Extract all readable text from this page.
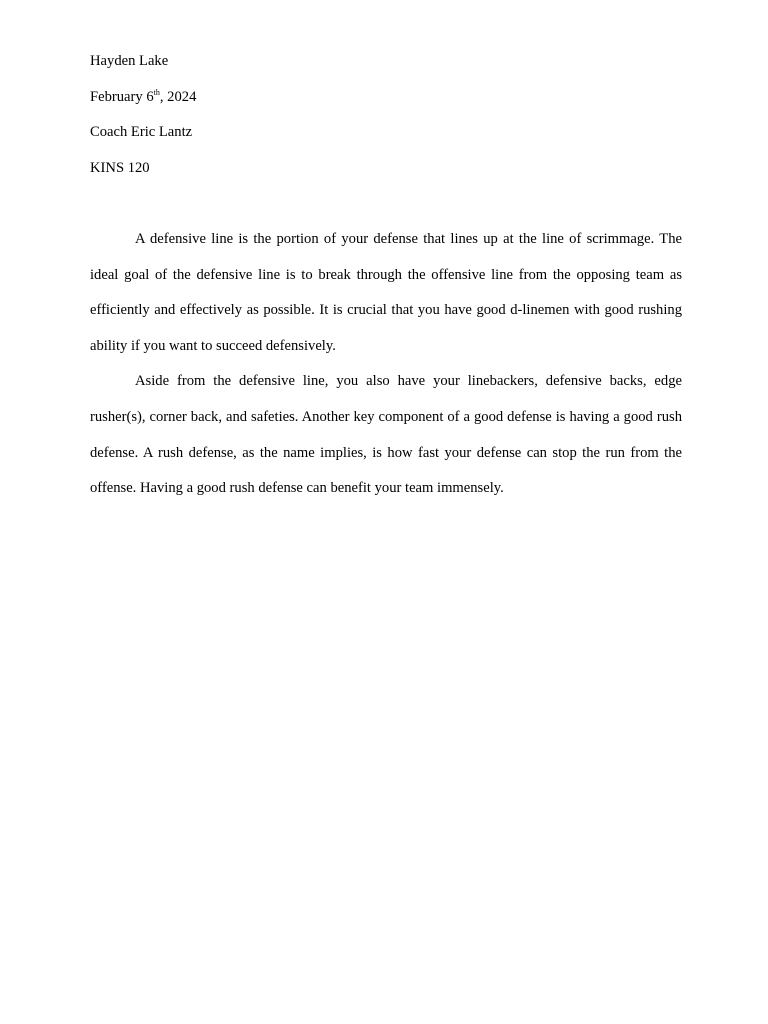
Hayden Lake

February 6th, 2024

Coach Eric Lantz

KINS 120

A defensive line is the portion of your defense that lines up at the line of scrimmage. The ideal goal of the defensive line is to break through the offensive line from the opposing team as efficiently and effectively as possible. It is crucial that you have good d-linemen with good rushing ability if you want to succeed defensively.

Aside from the defensive line, you also have your linebackers, defensive backs, edge rusher(s), corner back, and safeties. Another key component of a good defense is having a good rush defense. A rush defense, as the name implies, is how fast your defense can stop the run from the offense. Having a good rush defense can benefit your team immensely.
